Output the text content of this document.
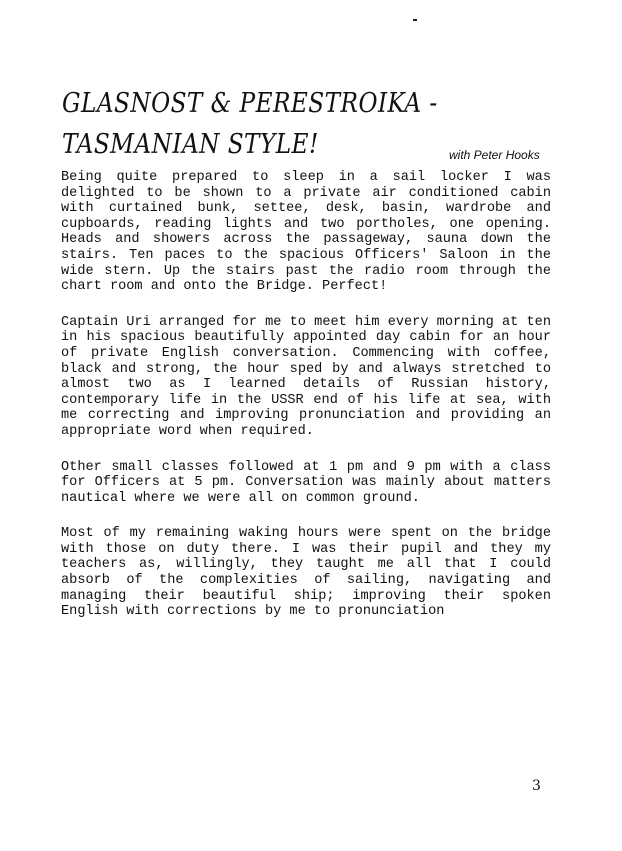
GLASNOST & PERESTROIKA -
TASMANIAN STYLE!	with Peter Hooks

Being quite prepared to sleep in a sail locker I was delighted to be shown to a private air conditioned cabin with curtained bunk, settee, desk, basin, wardrobe and cupboards, reading lights and two portholes, one opening. Heads and showers across the passageway, sauna down the stairs. Ten paces to the spacious Officers' Saloon in the wide stern. Up the stairs past the radio room through the chart room and onto the Bridge. Perfect!

Captain Uri arranged for me to meet him every morning at ten in his spacious beautifully appointed day cabin for an hour of private English conversation. Commencing with coffee, black and strong, the hour sped by and always stretched to almost two as I learned details of Russian history, contemporary life in the USSR end of his life at sea, with me correcting and improving pronunciation and providing an appropriate word when required.

Other small classes followed at 1 pm and 9 pm with a class for Officers at 5 pm. Conversation was mainly about matters nautical where we were all on common ground.

Most of my remaining waking hours were spent on the bridge with those on duty there. I was their pupil and they my teachers as, willingly, they taught me all that I could absorb of the complexities of sailing, navigating and managing their beautiful ship; improving their spoken English with corrections by me to pronunciation

3
